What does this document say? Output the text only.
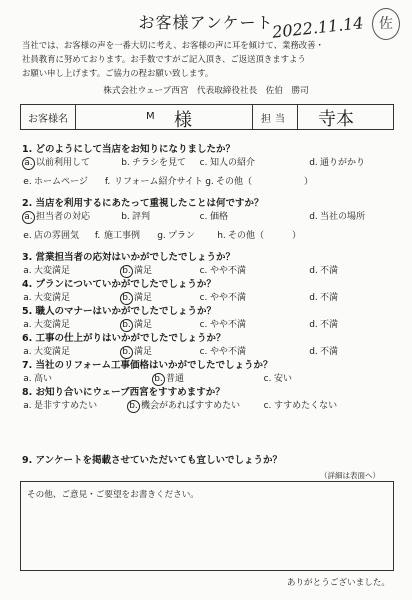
お客様アンケート
2022.11.14	佐
当社では、お客様の声を一番大切に考え、お客様の声に耳を傾けて、業務改善・
社員教育に努めております。お手数ですがご記入頂き、ご返送頂きますよう
お願い申し上げます。ご協力の程お願い致します。
株式会社ウェーブ西宮　代表取締役社長　佐伯　勝司
お客様名	M 様	担当	寺本
1. どのようにして当店をお知りになりましたか？
a. 以前利用して	b. チラシを見て c. 知人の紹介	d. 通りがかり
e. ホームページ	f. リフォーム紹介サイト g. その他（	）
2. 当店を利用するにあたって重視したことは何ですか？
a. 担当者の対応	b. 評判	c. 価格	d. 当社の場所
e. 店の雰囲気	f. 施工事例 g. プラン h. その他（	）
3. 営業担当者の応対はいかがでしたでしょうか？
a. 大変満足	b. 満足	c. やや不満	d. 不満
4. プランについていかがでしたでしょうか？
a. 大変満足	b. 満足	c. やや不満	d. 不満
5. 職人のマナーはいかがでしたでしょうか？
a. 大変満足	b. 満足	c. やや不満	d. 不満
6. 工事の仕上がりはいかがでしたでしょうか？
a. 大変満足	b. 満足	c. やや不満	d. 不満
7. 当社のリフォーム工事価格はいかがでしたでしょうか？
a. 高い	b. 普通	c. 安い
8. お知り合いにウェーブ西宮をすすめますか？
a. 是非すすめたい	b. 機会があればすすめたい	c. すすめたくない
9. アンケートを掲載させていただいても宜しいでしょうか？
（詳細は表面へ）
その他、ご意見・ご要望をお書きください。
ありがとうございました。
